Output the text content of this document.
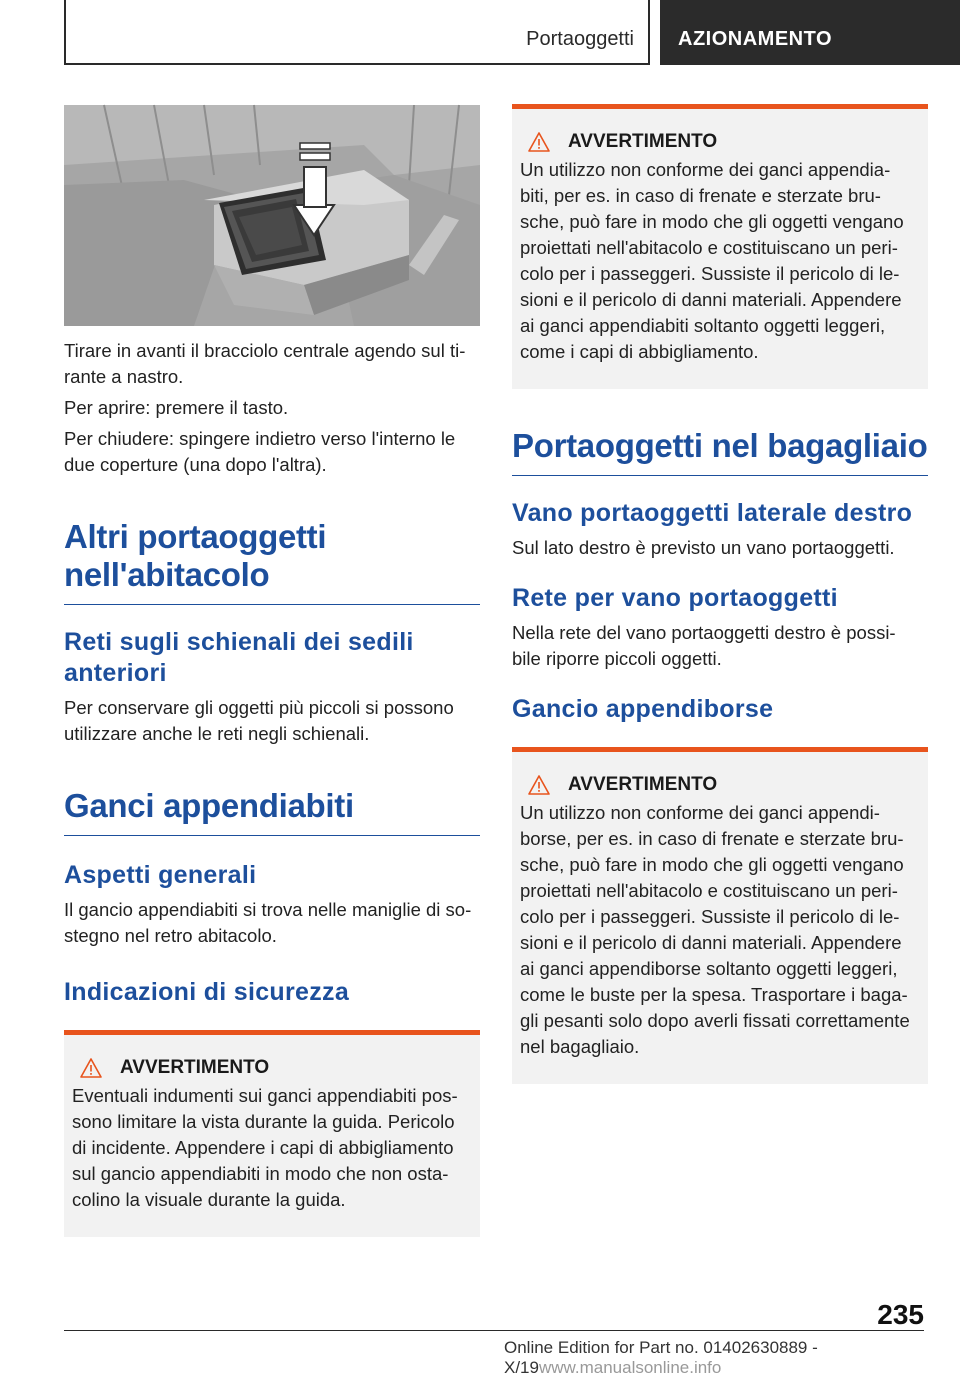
Portaoggetti AZIONAMENTO

Tirare in avanti il bracciolo centrale agendo sul ti-
rante a nastro.

Per aprire: premere il tasto.

Per chiudere: spingere indietro verso l'interno le due coperture (una dopo l'altra).

Altri portaoggetti
nell'abitacolo
Reti sugli schienali dei sedili anteriori

Per conservare gli oggetti più piccoli si possono utilizzare anche le reti negli schienali.

Ganci appendiabiti
Aspetti generali

Il gancio appendiabiti si trova nelle maniglie di so-
stegno nel retro abitacolo.

Indicazioni di sicurezza
AVVERTIMENTO

Eventuali indumenti sui ganci appendiabiti pos-
sono limitare la vista durante la guida. Pericolo
di incidente. Appendere i capi di abbigliamento
sul gancio appendiabiti in modo che non osta-
colino la visuale durante la guida.

AVVERTIMENTO

Un utilizzo non conforme dei ganci appendia-
biti, per es. in caso di frenate e sterzate bru-
sche, può fare in modo che gli oggetti vengano
proiettati nell'abitacolo e costituiscano un peri-
colo per i passeggeri. Sussiste il pericolo di le-
sioni e il pericolo di danni materiali. Appendere
ai ganci appendiabiti soltanto oggetti leggeri,
come i capi di abbigliamento.

Portaoggetti nel bagagliaio
Vano portaoggetti laterale destro

Sul lato destro è previsto un vano portaoggetti.

Rete per vano portaoggetti

Nella rete del vano portaoggetti destro è possi-
bile riporre piccoli oggetti.

Gancio appendiborse
AVVERTIMENTO

Un utilizzo non conforme dei ganci appendi-
borse, per es. in caso di frenate e sterzate bru-
sche, può fare in modo che gli oggetti vengano
proiettati nell'abitacolo e costituiscano un peri-
colo per i passeggeri. Sussiste il pericolo di le-
sioni e il pericolo di danni materiali. Appendere
ai ganci appendiborse soltanto oggetti leggeri,
come le buste per la spesa. Trasportare i baga-
gli pesanti solo dopo averli fissati correttamente
nel bagagliaio.

235
Online Edition for Part no. 01402630889 - X/19www.manualsonline.info
